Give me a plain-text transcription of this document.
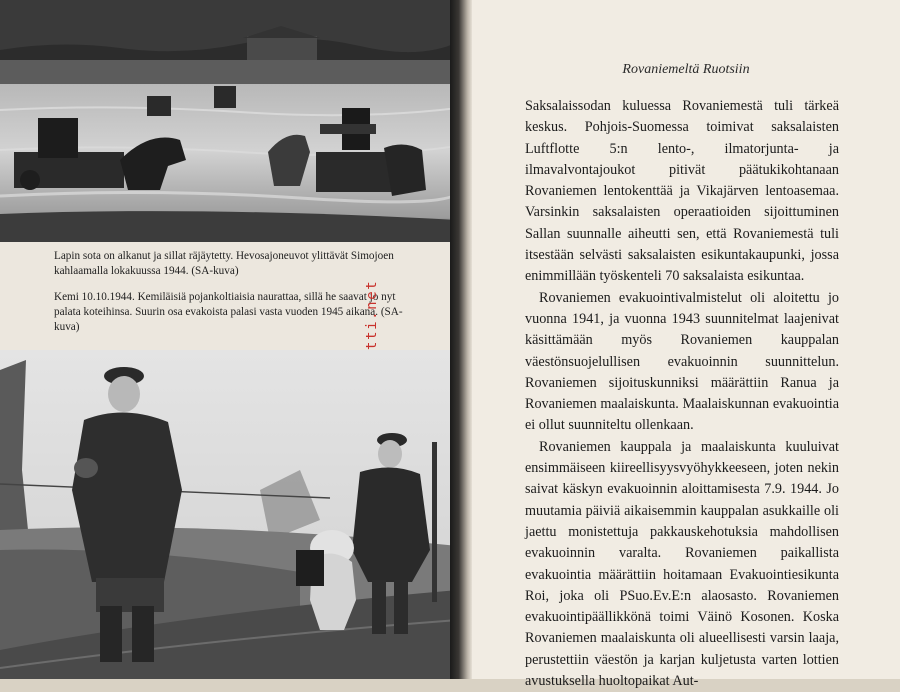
Lapin sota on alkanut ja sillat räjäytetty. Hevosajoneuvot ylittävät Simojoen kahlaamalla lokakuussa 1944. (SA-kuva)

Kemi 10.10.1944. Kemiläisiä pojankoltiaisia naurattaa, sillä he saavat jo nyt palata koteihinsa. Suurin osa evakoista palasi vasta vuoden 1945 aikana. (SA-kuva)

Rovaniemeltä Ruotsiin

Saksalaissodan kuluessa Rovaniemestä tuli tärkeä keskus. Pohjois-Suomessa toimivat saksalaisten Luftflotte 5:n lento-, ilmatorjunta- ja ilmavalvontajoukot pitivät päätukikohtanaan Rovaniemen lentokenttää ja Vikajärven lentoasemaa. Varsinkin saksalaisten operaatioiden sijoittuminen Sallan suunnalle aiheutti sen, että Rovaniemestä tuli itsestään selvästi saksalaisten esikuntakaupunki, jossa enimmillään työskenteli 70 saksalaista esikuntaa.

Rovaniemen evakuointivalmistelut oli aloitettu jo vuonna 1941, ja vuonna 1943 suunnitelmat laajenivat käsittämään myös Rovaniemen kauppalan väestönsuojelullisen evakuoinnin suunnittelun. Rovaniemen sijoituskunniksi määrättiin Ranua ja Rovaniemen maalaiskunta. Maalaiskunnan evakuointia ei ollut suunniteltu ollenkaan.

Rovaniemen kauppala ja maalaiskunta kuuluivat ensimmäiseen kiireellisyysvyöhykkeeseen, joten nekin saivat käskyn evakuoinnin aloittamisesta 7.9. 1944. Jo muutamia päiviä aikaisemmin kauppalan asukkaille oli jaettu monistettuja pakkauskehotuksia mahdollisen evakuoinnin varalta. Rovaniemen paikallista evakuointia määrättiin hoitamaan Evakuointiesikunta Roi, joka oli PSuo.Ev.E:n alaosasto. Rovaniemen evakuointipäällikkönä toimi Väinö Kosonen. Koska Rovaniemen maalaiskunta oli alueellisesti varsin laaja, perustettiin väestön ja karjan kuljetusta varten lottien avustuksella huoltopaikat Aut-
